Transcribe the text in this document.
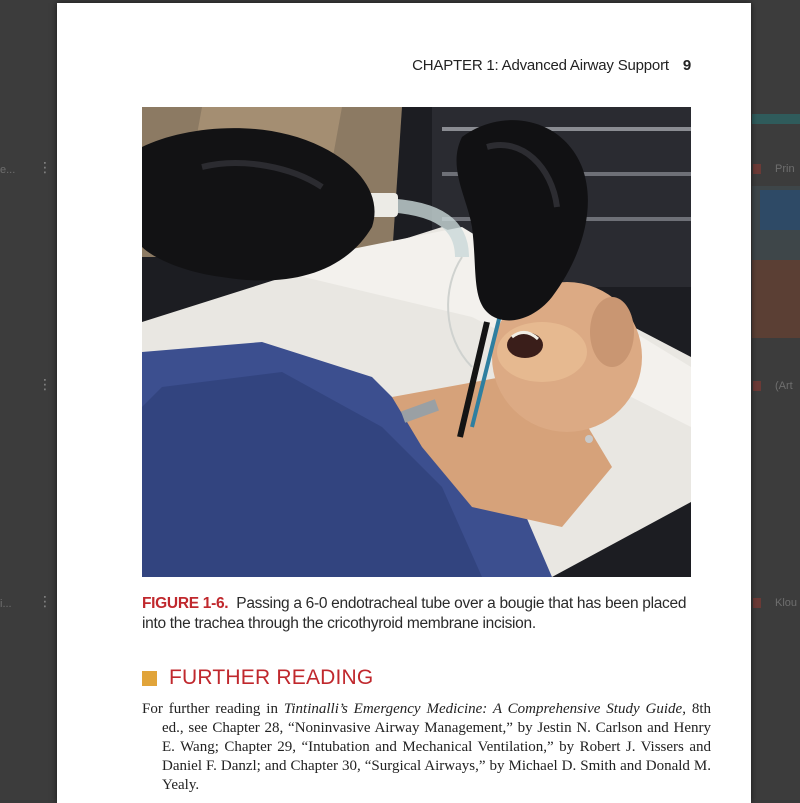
e... ⋮
⋮
i... ⋮
Prin
(Art
Klou
CHAPTER 1: Advanced Airway Support 9
FIGURE 1-6. Passing a 6-0 endotracheal tube over a bougie that has been placed into the trachea through the cricothyroid membrane incision.
FURTHER READING
For further reading in Tintinalli’s Emergency Medicine: A Comprehensive Study Guide, 8th ed., see Chapter 28, “Noninvasive Airway Management,” by Jestin N. Carlson and Henry E. Wang; Chapter 29, “Intubation and Mechanical Ventilation,” by Robert J. Vissers and Daniel F. Danzl; and Chapter 30, “Surgical Airways,” by Michael D. Smith and Donald M. Yealy.
